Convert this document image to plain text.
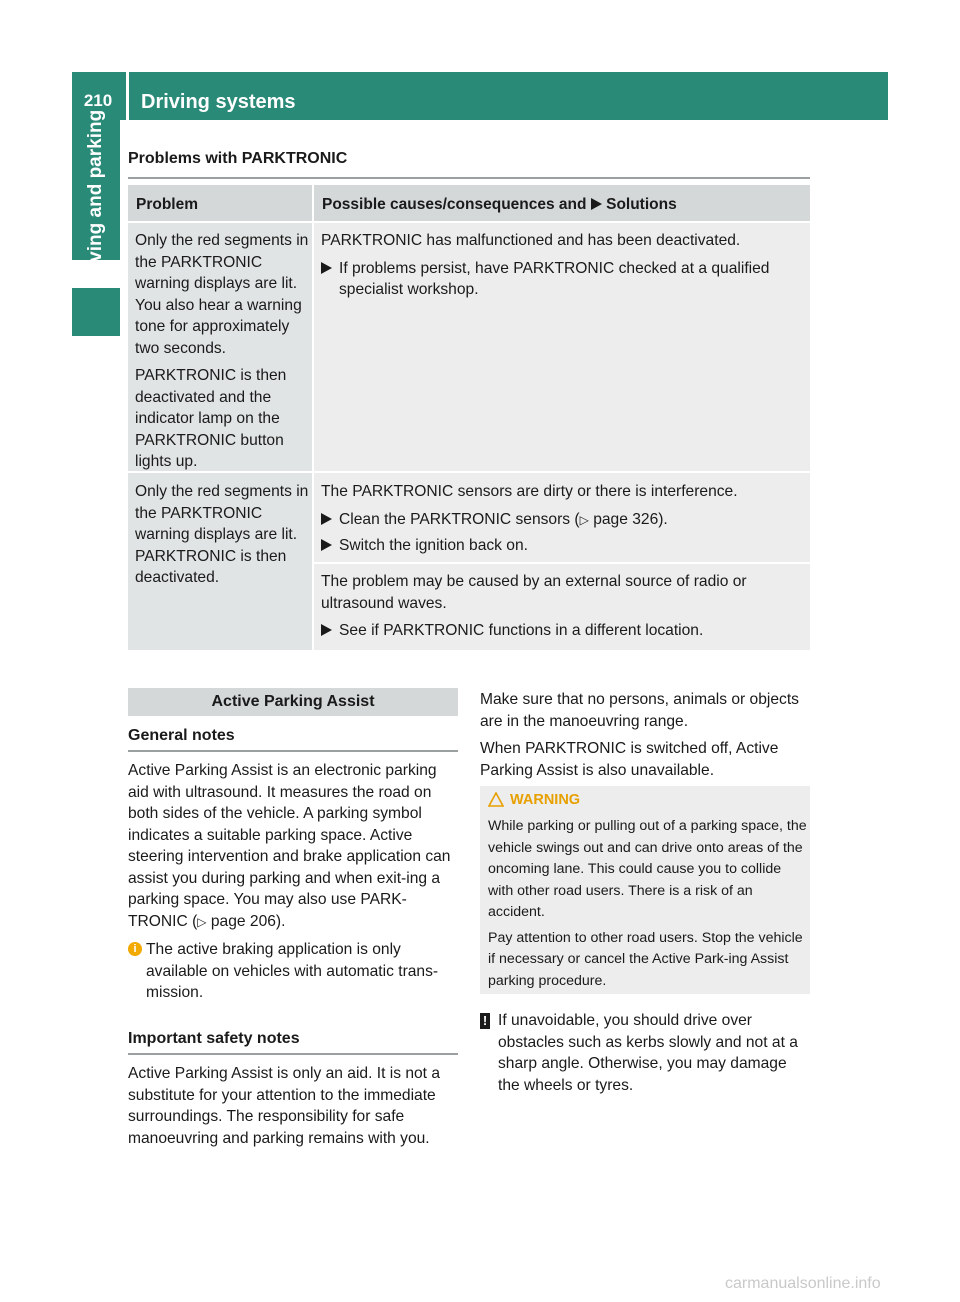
210	Driving systems
Driving and parking Problems with PARKTRONIC
Problem	Possible causes/consequences and  Solutions

Only the red segments in the PARKTRONIC warning displays are lit. You also hear a warning tone for approximately two seconds.

PARKTRONIC is then deactivated and the indicator lamp on the PARKTRONIC button lights up.

PARKTRONIC has malfunctioned and has been deactivated.

If problems persist, have PARKTRONIC checked at a qualified specialist workshop.

Only the red segments in the PARKTRONIC warning displays are lit. PARKTRONIC is then deactivated.

The PARKTRONIC sensors are dirty or there is interference.

Clean the PARKTRONIC sensors (▷ page 326).
Switch the ignition back on.

The problem may be caused by an external source of radio or ultrasound waves.

See if PARKTRONIC functions in a different location.
Active Parking Assist
General notes

Active Parking Assist is an electronic parking aid with ultrasound. It measures the road on both sides of the vehicle. A parking symbol indicates a suitable parking space. Active steering intervention and brake application can assist you during parking and when exit-ing a parking space. You may also use PARK-TRONIC (▷ page 206).

i The active braking application is only available on vehicles with automatic trans-mission.
Important safety notes

Active Parking Assist is only an aid. It is not a substitute for your attention to the immediate surroundings. The responsibility for safe manoeuvring and parking remains with you.

Make sure that no persons, animals or objects are in the manoeuvring range.

When PARKTRONIC is switched off, Active Parking Assist is also unavailable.

WARNING

While parking or pulling out of a parking space, the vehicle swings out and can drive onto areas of the oncoming lane. This could cause you to collide with other road users. There is a risk of an accident.

Pay attention to other road users. Stop the vehicle if necessary or cancel the Active Park-ing Assist parking procedure.

! If unavoidable, you should drive over obstacles such as kerbs slowly and not at a sharp angle. Otherwise, you may damage the wheels or tyres.
carmanualsonline.info
